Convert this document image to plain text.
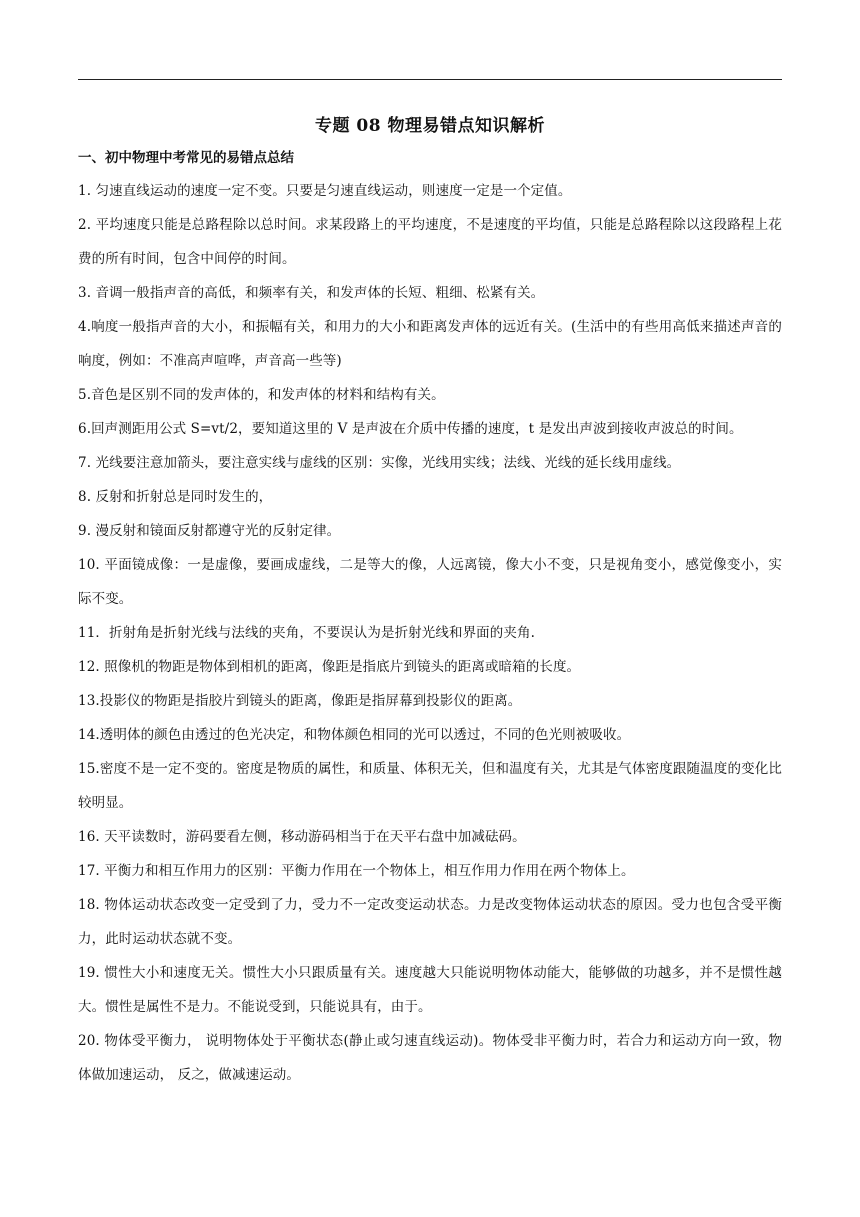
专题 08 物理易错点知识解析
一、初中物理中考常见的易错点总结

1. 匀速直线运动的速度一定不变。只要是匀速直线运动，则速度一定是一个定值。

2. 平均速度只能是总路程除以总时间。求某段路上的平均速度，不是速度的平均值，只能是总路程除以这段路程上花费的所有时间，包含中间停的时间。

3. 音调一般指声音的高低，和频率有关，和发声体的长短、粗细、松紧有关。

4.响度一般指声音的大小，和振幅有关，和用力的大小和距离发声体的远近有关。(生活中的有些用高低来描述声音的响度，例如：不准高声喧哗，声音高一些等)

5.音色是区别不同的发声体的，和发声体的材料和结构有关。

6.回声测距用公式 S=vt/2，要知道这里的 V 是声波在介质中传播的速度，t 是发出声波到接收声波总的时间。

7. 光线要注意加箭头，要注意实线与虚线的区别：实像，光线用实线；法线、光线的延长线用虚线。

8. 反射和折射总是同时发生的，

9. 漫反射和镜面反射都遵守光的反射定律。

10. 平面镜成像：一是虚像，要画成虚线，二是等大的像，人远离镜，像大小不变，只是视角变小，感觉像变小，实际不变。

11．折射角是折射光线与法线的夹角，不要误认为是折射光线和界面的夹角.

12. 照像机的物距是物体到相机的距离，像距是指底片到镜头的距离或暗箱的长度。

13.投影仪的物距是指胶片到镜头的距离，像距是指屏幕到投影仪的距离。

14.透明体的颜色由透过的色光决定，和物体颜色相同的光可以透过，不同的色光则被吸收。

15.密度不是一定不变的。密度是物质的属性，和质量、体积无关，但和温度有关，尤其是气体密度跟随温度的变化比较明显。

16. 天平读数时，游码要看左侧，移动游码相当于在天平右盘中加减砝码。

17. 平衡力和相互作用力的区别：平衡力作用在一个物体上，相互作用力作用在两个物体上。

18. 物体运动状态改变一定受到了力，受力不一定改变运动状态。力是改变物体运动状态的原因。受力也包含受平衡力，此时运动状态就不变。

19. 惯性大小和速度无关。惯性大小只跟质量有关。速度越大只能说明物体动能大，能够做的功越多，并不是惯性越大。惯性是属性不是力。不能说受到，只能说具有，由于。

20. 物体受平衡力， 说明物体处于平衡状态(静止或匀速直线运动)。物体受非平衡力时，若合力和运动方向一致，物体做加速运动， 反之，做减速运动。
